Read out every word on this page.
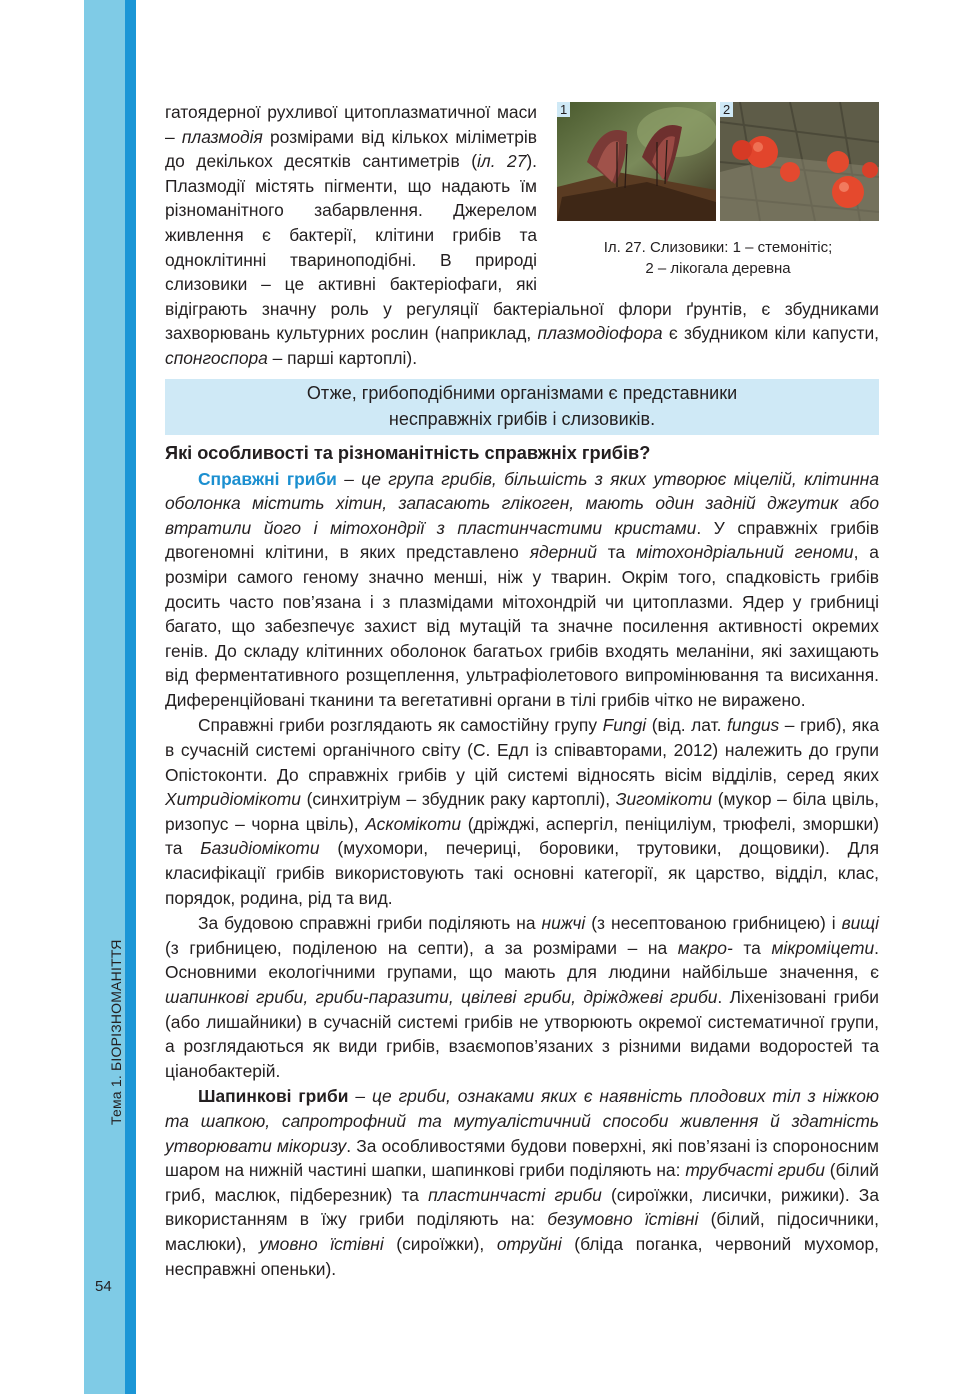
Тема 1. БІОРІЗНОМАНІТТЯ
54
1	2
Іл. 27. Слизовики: 1 – стемонітіс;
2 – лікогала деревна

гатоядерної рухливої цитоплазматичної маси – плазмодія розмірами від кількох міліметрів до декількох десятків сантиметрів (іл. 27). Плазмодії містять пігменти, що надають їм різноманітного забарвлення. Джерелом живлення є бактерії, клітини грибів та одноклітинні твариноподібні. В природі слизовики – це активні бактеріофаги, які відіграють значну роль у регуляції бактеріальної флори ґрунтів, є збудниками захворювань культурних рослин (наприклад, плазмодіофора є збудником кіли капусти, спонгоспора – парші картоплі).

Отже, грибоподібними організмами є представники
несправжніх грибів і слизовиків.
Які особливості та різноманітність справжніх грибів?

Справжні гриби – це група грибів, більшість з яких утворює міцелій, клітинна оболонка містить хітин, запасають глікоген, мають один задній джгутик або втратили його і мітохондрії з пластинчастими кристами. У справжніх грибів двогеномні клітини, в яких представлено ядерний та мітохондріальний геноми, а розміри самого геному значно менші, ніж у тварин. Окрім того, спадковість грибів досить часто пов’язана і з плазмідами мітохондрій чи цитоплазми. Ядер у грибниці багато, що забезпечує захист від мутацій та значне посилення активності окремих генів. До складу клітинних оболонок багатьох грибів входять меланіни, які захищають від ферментативного розщеплення, ультрафіолетового випромінювання та висихання. Диференційовані тканини та вегетативні органи в тілі грибів чітко не виражено.

Справжні гриби розглядають як самостійну групу Fungi (від. лат. fungus – гриб), яка в сучасній системі органічного світу (С. Едл із співавторами, 2012) належить до групи Опістоконти. До справжніх грибів у цій системі відносять вісім відділів, серед яких Хитридіомікоти (синхитріум – збудник раку картоплі), Зигомікоти (мукор – біла цвіль, ризопус – чорна цвіль), Аскомікоти (дріжджі, аспергіл, пеніциліум, трюфелі, зморшки) та Базидіомікоти (мухомори, печериці, боровики, трутовики, дощовики). Для класифікації грибів використовують такі основні категорії, як царство, відділ, клас, порядок, родина, рід та вид.

За будовою справжні гриби поділяють на нижчі (з несептованою грибницею) і вищі (з грибницею, поділеною на септи), а за розмірами – на макро- та мікроміцети. Основними екологічними групами, що мають для людини найбільше значення, є шапинкові гриби, гриби-паразити, цвілеві гриби, дріжджеві гриби. Ліхенізовані гриби (або лишайники) в сучасній системі грибів не утворюють окремої систематичної групи, а розглядаються як види грибів, взаємопов’язаних з різними видами водоростей та ціанобактерій.

Шапинкові гриби – це гриби, ознаками яких є наявність плодових тіл з ніжкою та шапкою, сапротрофний та мутуалістичний способи живлення й здатність утворювати мікоризу. За особливостями будови поверхні, які пов’язані із спороносним шаром на нижній частині шапки, шапинкові гриби поділяють на: трубчасті гриби (білий гриб, маслюк, підберезник) та пластинчасті гриби (сироїжки, лисички, рижики). За використанням в їжу гриби поділяють на: безумовно їстівні (білий, підосичники, маслюки), умовно їстівні (сироїжки), отруйні (бліда поганка, червоний мухомор, несправжні опеньки).
